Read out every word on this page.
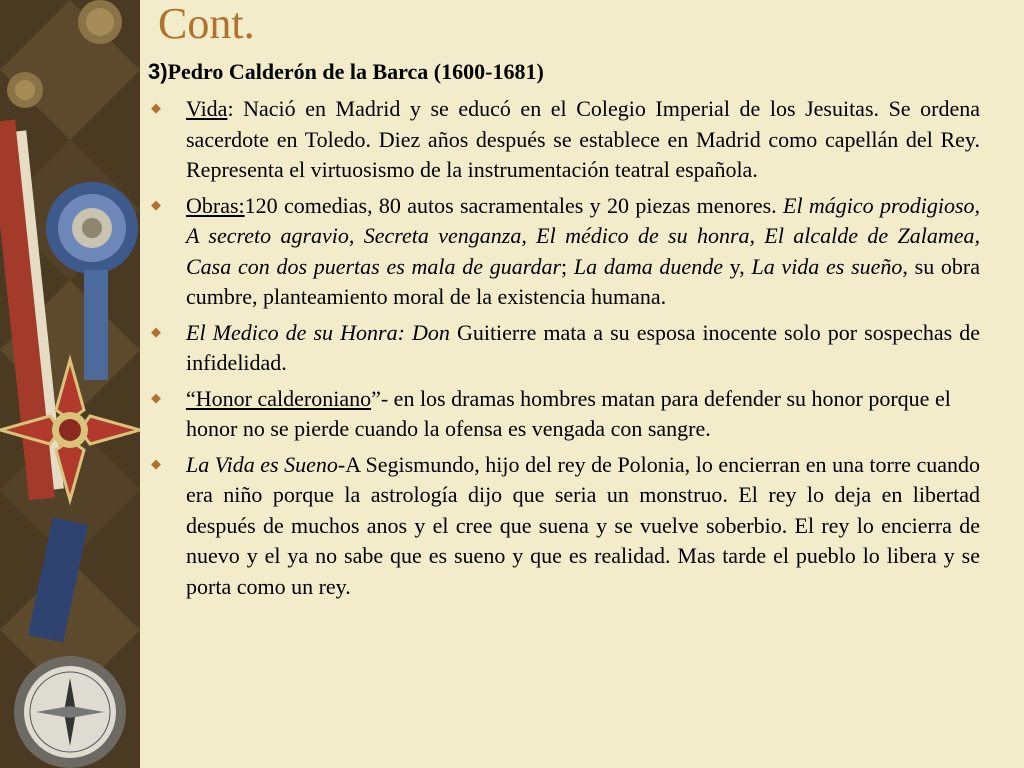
Cont.
3)Pedro Calderón de la Barca (1600-1681)
◆ Vida: Nació en Madrid y se educó en el Colegio Imperial de los Jesuitas. Se ordena sacerdote en Toledo. Diez años después se establece en Madrid como capellán del Rey. Representa el virtuosismo de la instrumentación teatral española.
◆ Obras:120 comedias, 80 autos sacramentales y 20 piezas menores. El mágico prodigioso, A secreto agravio, Secreta venganza, El médico de su honra, El alcalde de Zalamea, Casa con dos puertas es mala de guardar; La dama duende y, La vida es sueño, su obra cumbre, planteamiento moral de la existencia humana.
◆ El Medico de su Honra: Don Guitierre mata a su esposa inocente solo por sospechas de infidelidad.
◆ “Honor calderoniano”- en los dramas hombres matan para defender su honor porque el honor no se pierde cuando la ofensa es vengada con sangre.
◆ La Vida es Sueno-A Segismundo, hijo del rey de Polonia, lo encierran en una torre cuando era niño porque la astrología dijo que seria un monstruo. El rey lo deja en libertad después de muchos anos y el cree que suena y se vuelve soberbio. El rey lo encierra de nuevo y el ya no sabe que es sueno y que es realidad. Mas tarde el pueblo lo libera y se porta como un rey.
